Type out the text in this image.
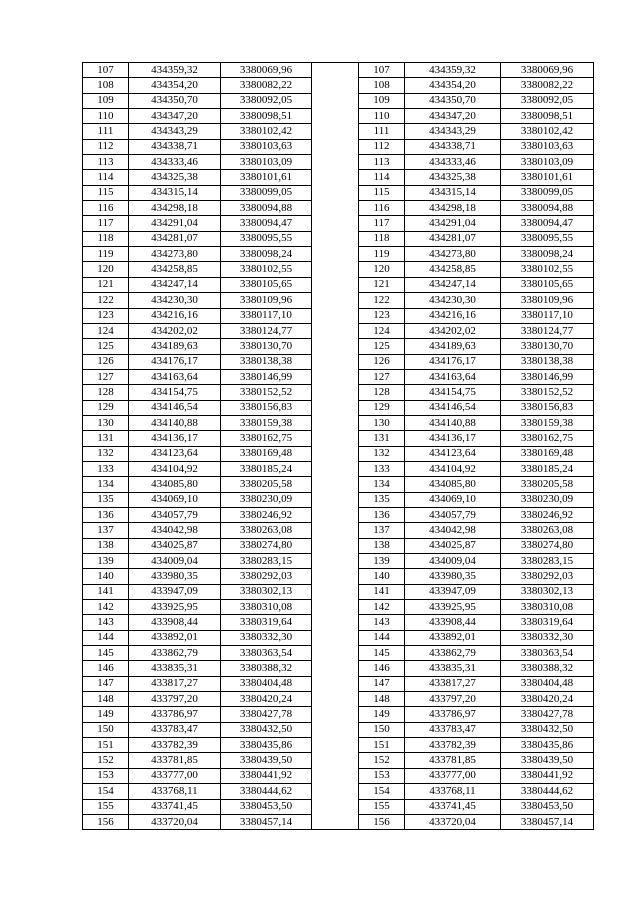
107	434359,32	3380069,96		107	434359,32	3380069,96
108	434354,20	3380082,22		108	434354,20	3380082,22
109	434350,70	3380092,05		109	434350,70	3380092,05
110	434347,20	3380098,51		110	434347,20	3380098,51
111	434343,29	3380102,42		111	434343,29	3380102,42
112	434338,71	3380103,63		112	434338,71	3380103,63
113	434333,46	3380103,09		113	434333,46	3380103,09
114	434325,38	3380101,61		114	434325,38	3380101,61
115	434315,14	3380099,05		115	434315,14	3380099,05
116	434298,18	3380094,88		116	434298,18	3380094,88
117	434291,04	3380094,47		117	434291,04	3380094,47
118	434281,07	3380095,55		118	434281,07	3380095,55
119	434273,80	3380098,24		119	434273,80	3380098,24
120	434258,85	3380102,55		120	434258,85	3380102,55
121	434247,14	3380105,65		121	434247,14	3380105,65
122	434230,30	3380109,96		122	434230,30	3380109,96
123	434216,16	3380117,10		123	434216,16	3380117,10
124	434202,02	3380124,77		124	434202,02	3380124,77
125	434189,63	3380130,70		125	434189,63	3380130,70
126	434176,17	3380138,38		126	434176,17	3380138,38
127	434163,64	3380146,99		127	434163,64	3380146,99
128	434154,75	3380152,52		128	434154,75	3380152,52
129	434146,54	3380156,83		129	434146,54	3380156,83
130	434140,88	3380159,38		130	434140,88	3380159,38
131	434136,17	3380162,75		131	434136,17	3380162,75
132	434123,64	3380169,48		132	434123,64	3380169,48
133	434104,92	3380185,24		133	434104,92	3380185,24
134	434085,80	3380205,58		134	434085,80	3380205,58
135	434069,10	3380230,09		135	434069,10	3380230,09
136	434057,79	3380246,92		136	434057,79	3380246,92
137	434042,98	3380263,08		137	434042,98	3380263,08
138	434025,87	3380274,80		138	434025,87	3380274,80
139	434009,04	3380283,15		139	434009,04	3380283,15
140	433980,35	3380292,03		140	433980,35	3380292,03
141	433947,09	3380302,13		141	433947,09	3380302,13
142	433925,95	3380310,08		142	433925,95	3380310,08
143	433908,44	3380319,64		143	433908,44	3380319,64
144	433892,01	3380332,30		144	433892,01	3380332,30
145	433862,79	3380363,54		145	433862,79	3380363,54
146	433835,31	3380388,32		146	433835,31	3380388,32
147	433817,27	3380404,48		147	433817,27	3380404,48
148	433797,20	3380420,24		148	433797,20	3380420,24
149	433786,97	3380427,78		149	433786,97	3380427,78
150	433783,47	3380432,50		150	433783,47	3380432,50
151	433782,39	3380435,86		151	433782,39	3380435,86
152	433781,85	3380439,50		152	433781,85	3380439,50
153	433777,00	3380441,92		153	433777,00	3380441,92
154	433768,11	3380444,62		154	433768,11	3380444,62
155	433741,45	3380453,50		155	433741,45	3380453,50
156	433720,04	3380457,14		156	433720,04	3380457,14
